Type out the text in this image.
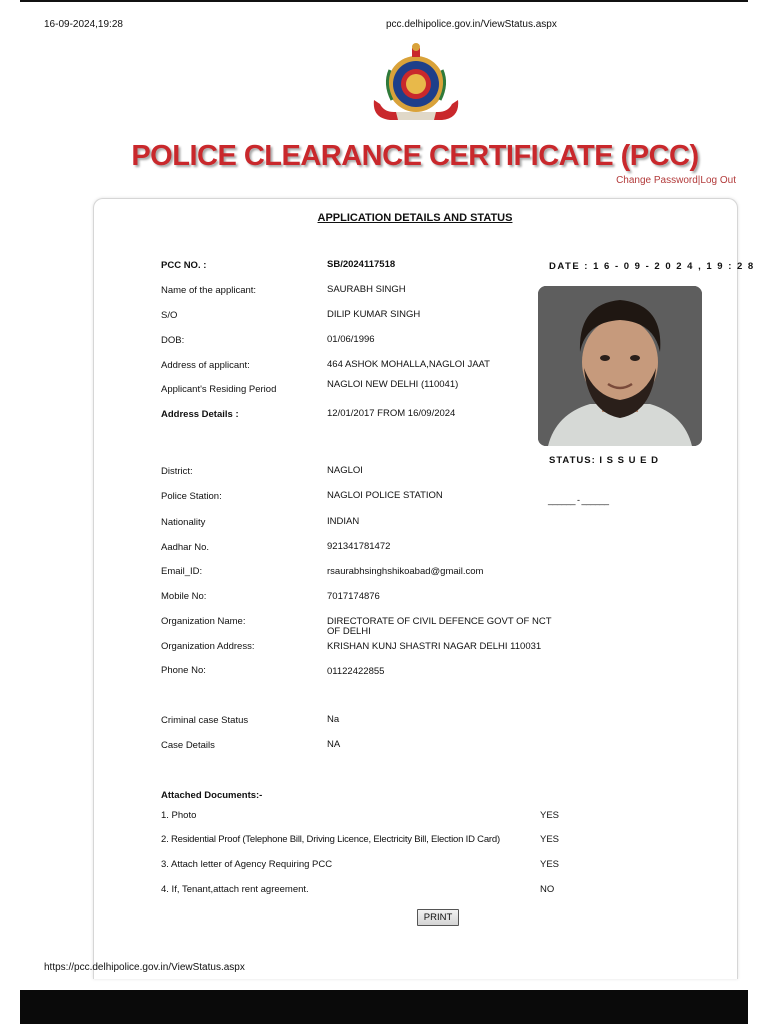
16-09-2024,19:28	pcc.delhipolice.gov.in/ViewStatus.aspx
POLICE CLEARANCE CERTIFICATE (PCC)
Change Password|Log Out
APPLICATION DETAILS AND STATUS
PCC NO. :	SB/2024117518	DATE : 1 6 - 0 9 - 2 0 2 4 , 1 9 : 2 8
Name of the applicant:	SAURABH SINGH
S/O	DILIP KUMAR SINGH
DOB:	01/06/1996
Address of applicant:	464 ASHOK MOHALLA,NAGLOI JAAT
Applicant's Residing Period	NAGLOI NEW DELHI (110041)
Address Details :	12/01/2017 FROM 16/09/2024
STATUS: I S S U E D
______ - ______
District:	NAGLOI
Police Station:	NAGLOI POLICE STATION
Nationality	INDIAN
Aadhar No.	921341781472
Email_ID:	rsaurabhsinghshikoabad@gmail.com
Mobile No:	7017174876
Organization Name:	DIRECTORATE OF CIVIL DEFENCE GOVT OF NCT OF DELHI
Organization Address:	KRISHAN KUNJ SHASTRI NAGAR DELHI 110031
Phone No:	01122422855
Criminal case Status	Na
Case Details	NA
Attached Documents:-
1. Photo	YES
2. Residential Proof (Telephone Bill, Driving Licence, Electricity Bill, Election ID Card)	YES
3. Attach letter of Agency Requiring PCC	YES
4. If, Tenant,attach rent agreement.	NO
PRINT
https://pcc.delhipolice.gov.in/ViewStatus.aspx
